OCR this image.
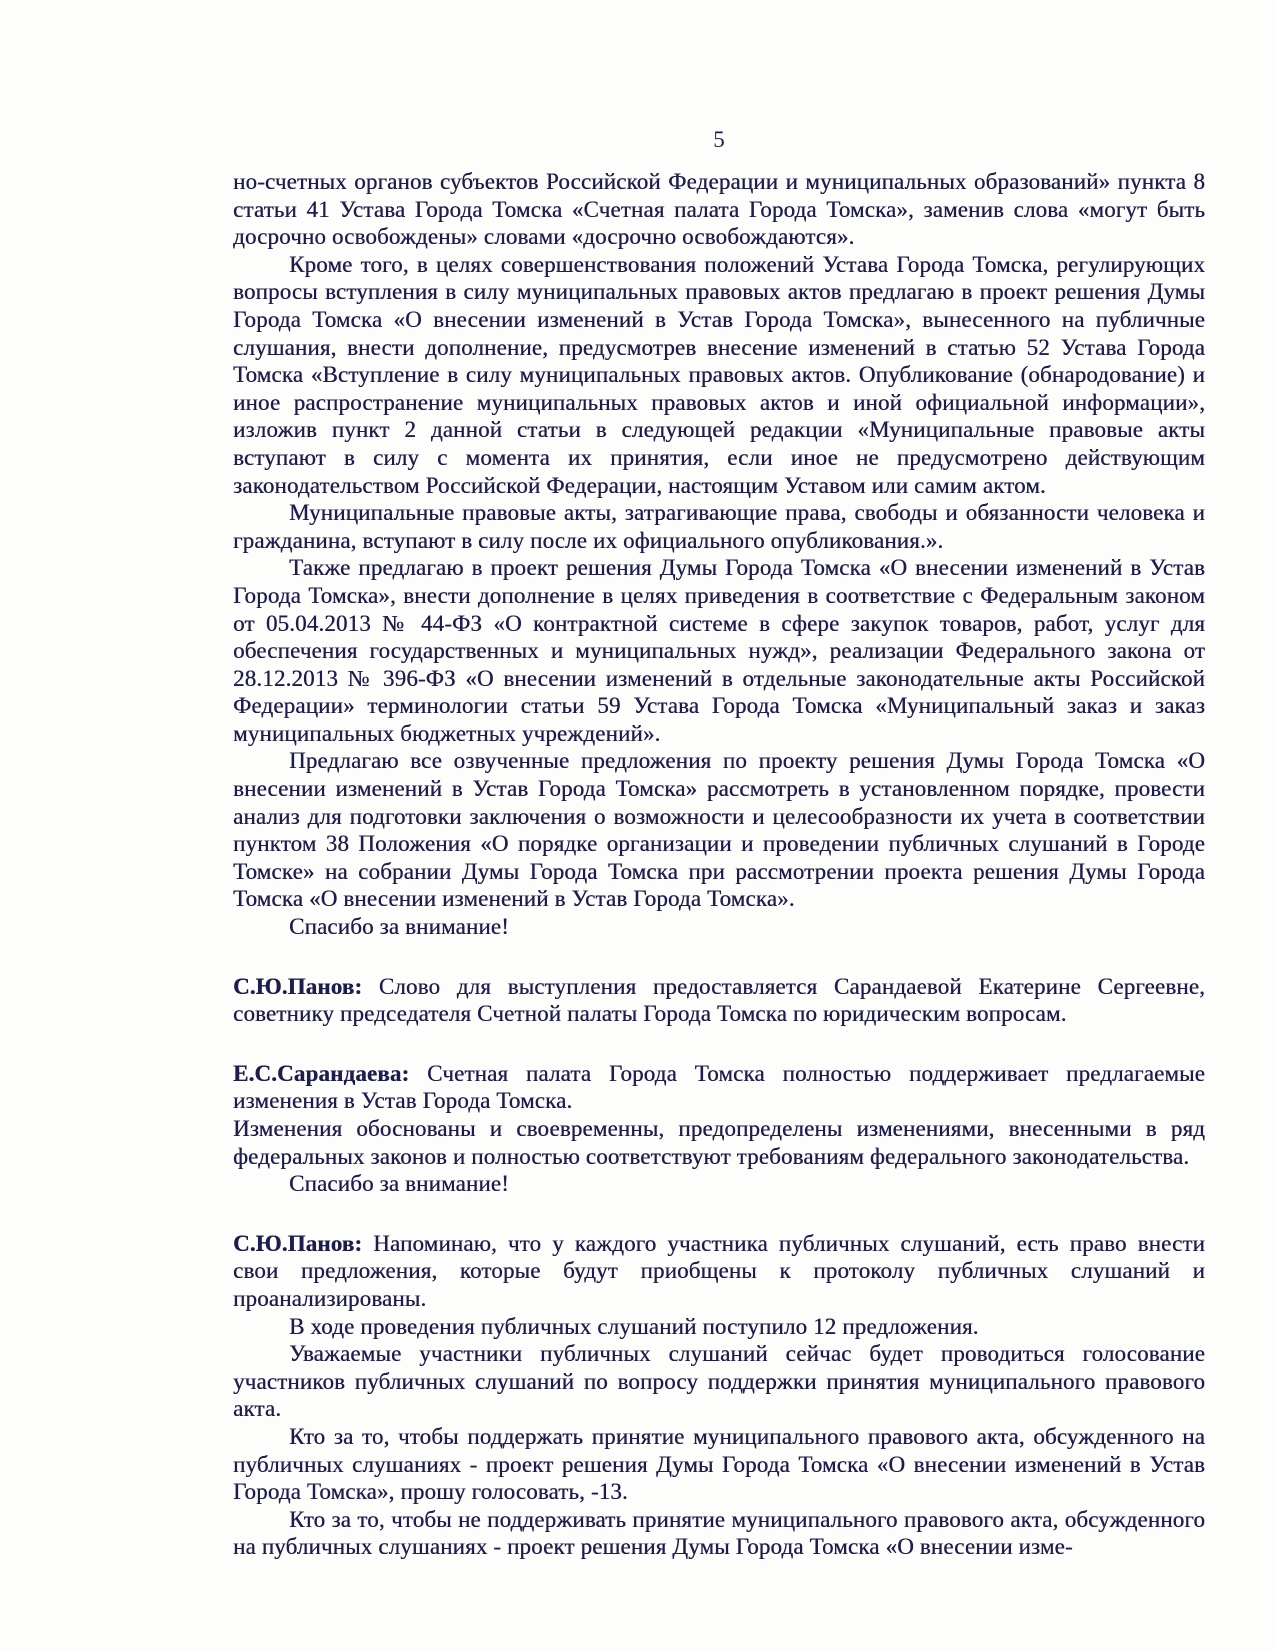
5

но-счетных органов субъектов Российской Федерации и муниципальных образований» пункта 8 статьи 41 Устава Города Томска «Счетная палата Города Томска», заменив слова «могут быть досрочно освобождены» словами «досрочно освобождаются».

Кроме того, в целях совершенствования положений Устава Города Томска, регулирующих вопросы вступления в силу муниципальных правовых актов предлагаю в проект решения Думы Города Томска «О внесении изменений в Устав Города Томска», вынесенного на публичные слушания, внести дополнение, предусмотрев внесение изменений в статью 52 Устава Города Томска «Вступление в силу муниципальных правовых актов. Опубликование (обнародование) и иное распространение муниципальных правовых актов и иной официальной информации», изложив пункт 2 данной статьи в следующей редакции «Муниципальные правовые акты вступают в силу с момента их принятия, если иное не предусмотрено действующим законодательством Российской Федерации, настоящим Уставом или самим актом.

Муниципальные правовые акты, затрагивающие права, свободы и обязанности человека и гражданина, вступают в силу после их официального опубликования.».

Также предлагаю в проект решения Думы Города Томска «О внесении изменений в Устав Города Томска», внести дополнение в целях приведения в соответствие с Федеральным законом от 05.04.2013 № 44-ФЗ «О контрактной системе в сфере закупок товаров, работ, услуг для обеспечения государственных и муниципальных нужд», реализации Федерального закона от 28.12.2013 № 396-ФЗ «О внесении изменений в отдельные законодательные акты Российской Федерации» терминологии статьи 59 Устава Города Томска «Муниципальный заказ и заказ муниципальных бюджетных учреждений».

Предлагаю все озвученные предложения по проекту решения Думы Города Томска «О внесении изменений в Устав Города Томска» рассмотреть в установленном порядке, провести анализ для подготовки заключения о возможности и целесообразности их учета в соответствии пунктом 38 Положения «О порядке организации и проведении публичных слушаний в Городе Томске» на собрании Думы Города Томска при рассмотрении проекта решения Думы Города Томска «О внесении изменений в Устав Города Томска».

Спасибо за внимание!

С.Ю.Панов: Слово для выступления предоставляется Сарандаевой Екатерине Сергеевне, советнику председателя Счетной палаты Города Томска по юридическим вопросам.

Е.С.Сарандаева: Счетная палата Города Томска полностью поддерживает предлагаемые изменения в Устав Города Томска.

Изменения обоснованы и своевременны, предопределены изменениями, внесенными в ряд федеральных законов и полностью соответствуют требованиям федерального законодательства.

Спасибо за внимание!

С.Ю.Панов: Напоминаю, что у каждого участника публичных слушаний, есть право внести свои предложения, которые будут приобщены к протоколу публичных слушаний и проанализированы.

В ходе проведения публичных слушаний поступило 12 предложения.

Уважаемые участники публичных слушаний сейчас будет проводиться голосование участников публичных слушаний по вопросу поддержки принятия муниципального правового акта.

Кто за то, чтобы поддержать принятие муниципального правового акта, обсужденного на публичных слушаниях - проект решения Думы Города Томска «О внесении изменений в Устав Города Томска», прошу голосовать, -13.

Кто за то, чтобы не поддерживать принятие муниципального правового акта, обсужденного на публичных слушаниях - проект решения Думы Города Томска «О внесении изме-
